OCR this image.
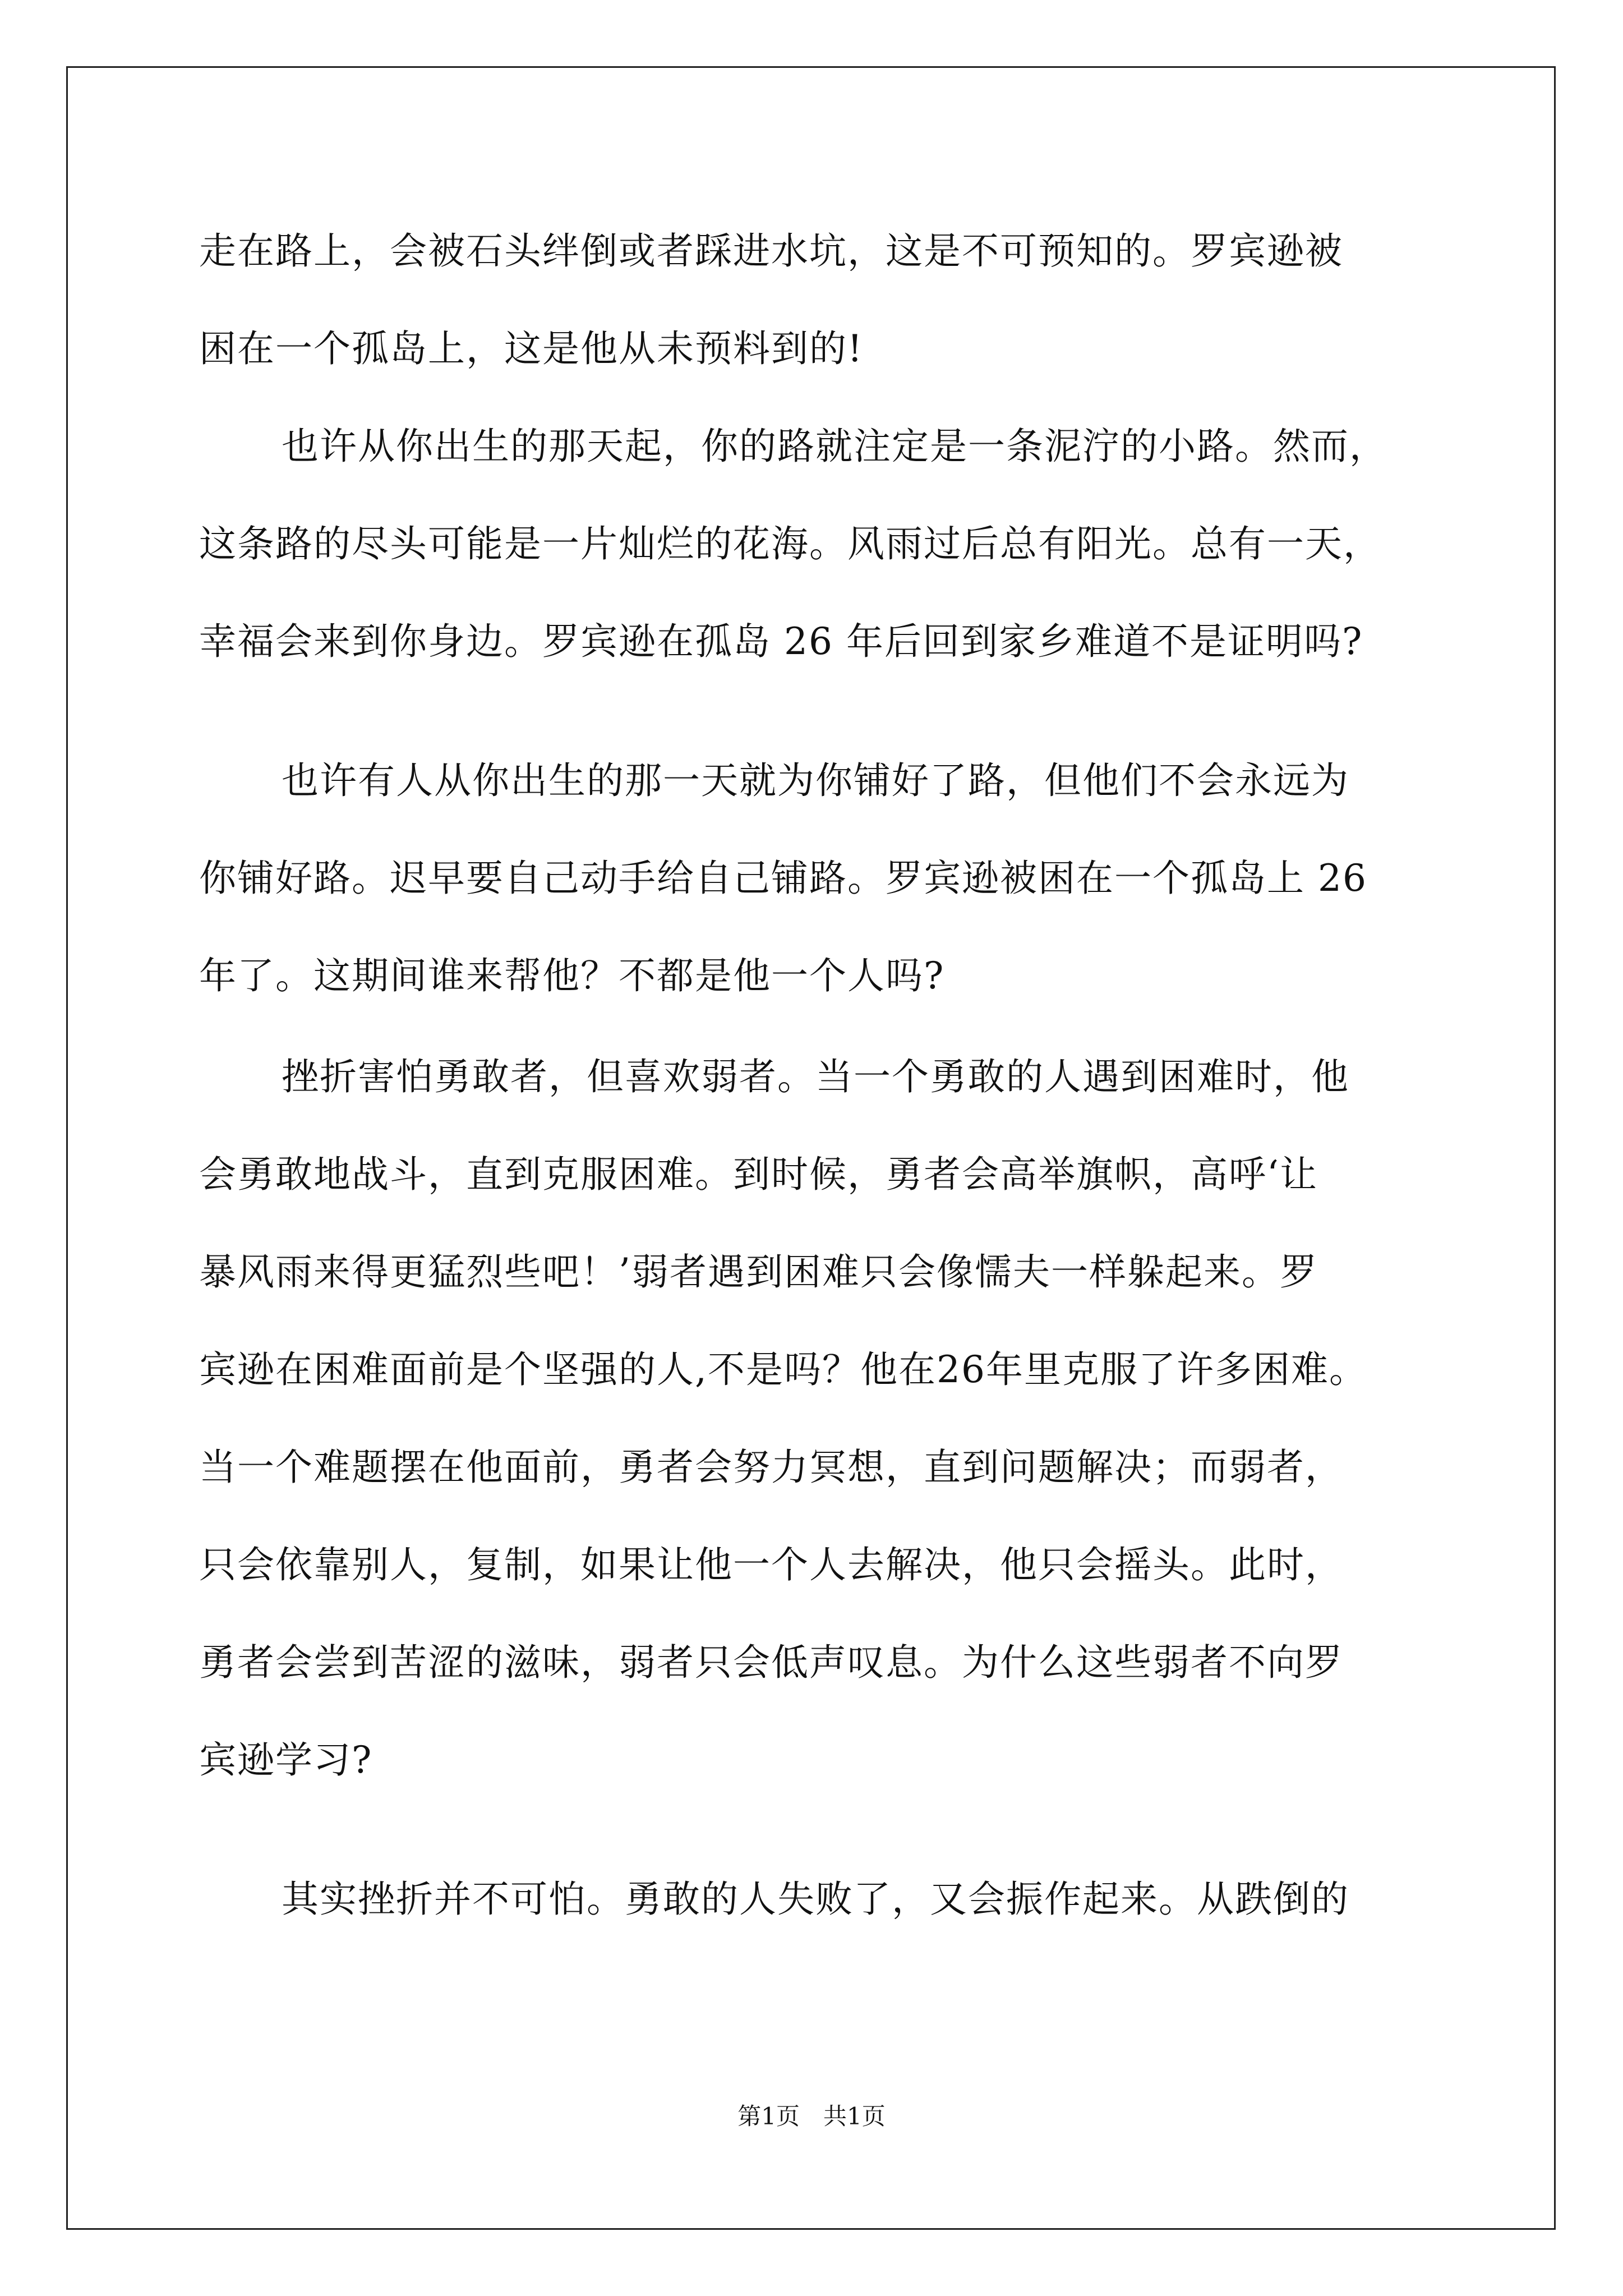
走在路上，会被石头绊倒或者踩进水坑，这是不可预知的。罗宾逊被
困在一个孤岛上，这是他从未预料到的!
也许从你出生的那天起，你的路就注定是一条泥泞的小路。然而，
这条路的尽头可能是一片灿烂的花海。风雨过后总有阳光。总有一天，
幸福会来到你身边。罗宾逊在孤岛 26 年后回到家乡难道不是证明吗?
也许有人从你出生的那一天就为你铺好了路，但他们不会永远为
你铺好路。迟早要自己动手给自己铺路。罗宾逊被困在一个孤岛上 26
年了。这期间谁来帮他？不都是他一个人吗?
挫折害怕勇敢者，但喜欢弱者。当一个勇敢的人遇到困难时，他
会勇敢地战斗，直到克服困难。到时候，勇者会高举旗帜，高呼‘让
暴风雨来得更猛烈些吧！’弱者遇到困难只会像懦夫一样躲起来。罗
宾逊在困难面前是个坚强的人,不是吗？他在26年里克服了许多困难。
当一个难题摆在他面前，勇者会努力冥想，直到问题解决；而弱者，
只会依靠别人，复制，如果让他一个人去解决，他只会摇头。此时，
勇者会尝到苦涩的滋味，弱者只会低声叹息。为什么这些弱者不向罗
宾逊学习?
其实挫折并不可怕。勇敢的人失败了，又会振作起来。从跌倒的
第1页　共1页
